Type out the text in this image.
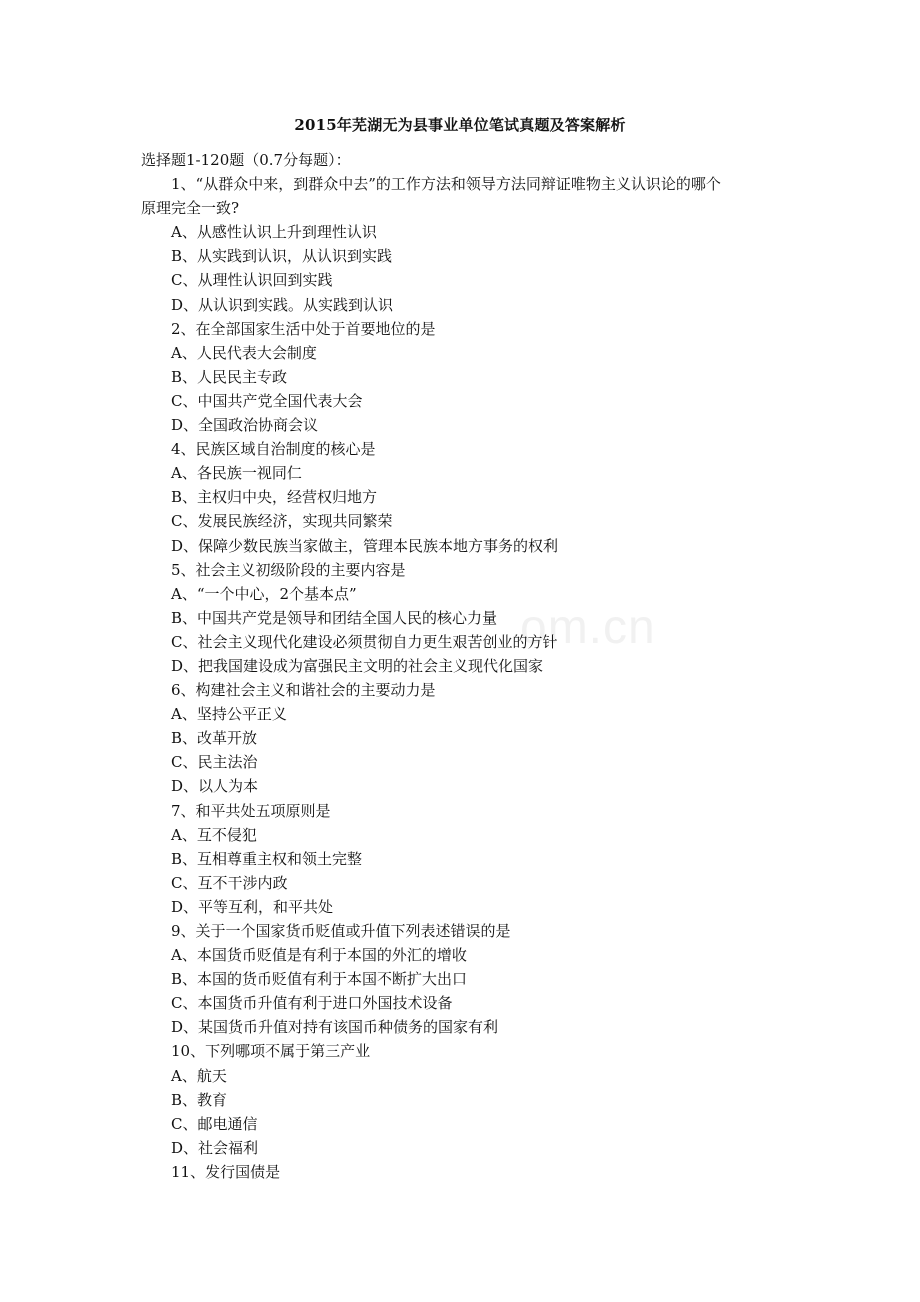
om.cn
2015年芜湖无为县事业单位笔试真题及答案解析
选择题1-120题（0.7分每题）：
1、“从群众中来，到群众中去”的工作方法和领导方法同辩证唯物主义认识论的哪个
原理完全一致?
A、从感性认识上升到理性认识
B、从实践到认识，从认识到实践
C、从理性认识回到实践
D、从认识到实践。从实践到认识
2、在全部国家生活中处于首要地位的是
A、人民代表大会制度
B、人民民主专政
C、中国共产党全国代表大会
D、全国政治协商会议
4、民族区域自治制度的核心是
A、各民族一视同仁
B、主权归中央，经营权归地方
C、发展民族经济，实现共同繁荣
D、保障少数民族当家做主，管理本民族本地方事务的权利
5、社会主义初级阶段的主要内容是
A、“一个中心，2个基本点”
B、中国共产党是领导和团结全国人民的核心力量
C、社会主义现代化建设必须贯彻自力更生艰苦创业的方针
D、把我国建设成为富强民主文明的社会主义现代化国家
6、构建社会主义和谐社会的主要动力是
A、坚持公平正义
B、改革开放
C、民主法治
D、以人为本
7、和平共处五项原则是
A、互不侵犯
B、互相尊重主权和领土完整
C、互不干涉内政
D、平等互利，和平共处
9、关于一个国家货币贬值或升值下列表述错误的是
A、本国货币贬值是有利于本国的外汇的增收
B、本国的货币贬值有利于本国不断扩大出口
C、本国货币升值有利于进口外国技术设备
D、某国货币升值对持有该国币种债务的国家有利
10、下列哪项不属于第三产业
A、航天
B、教育
C、邮电通信
D、社会福利
11、发行国债是
